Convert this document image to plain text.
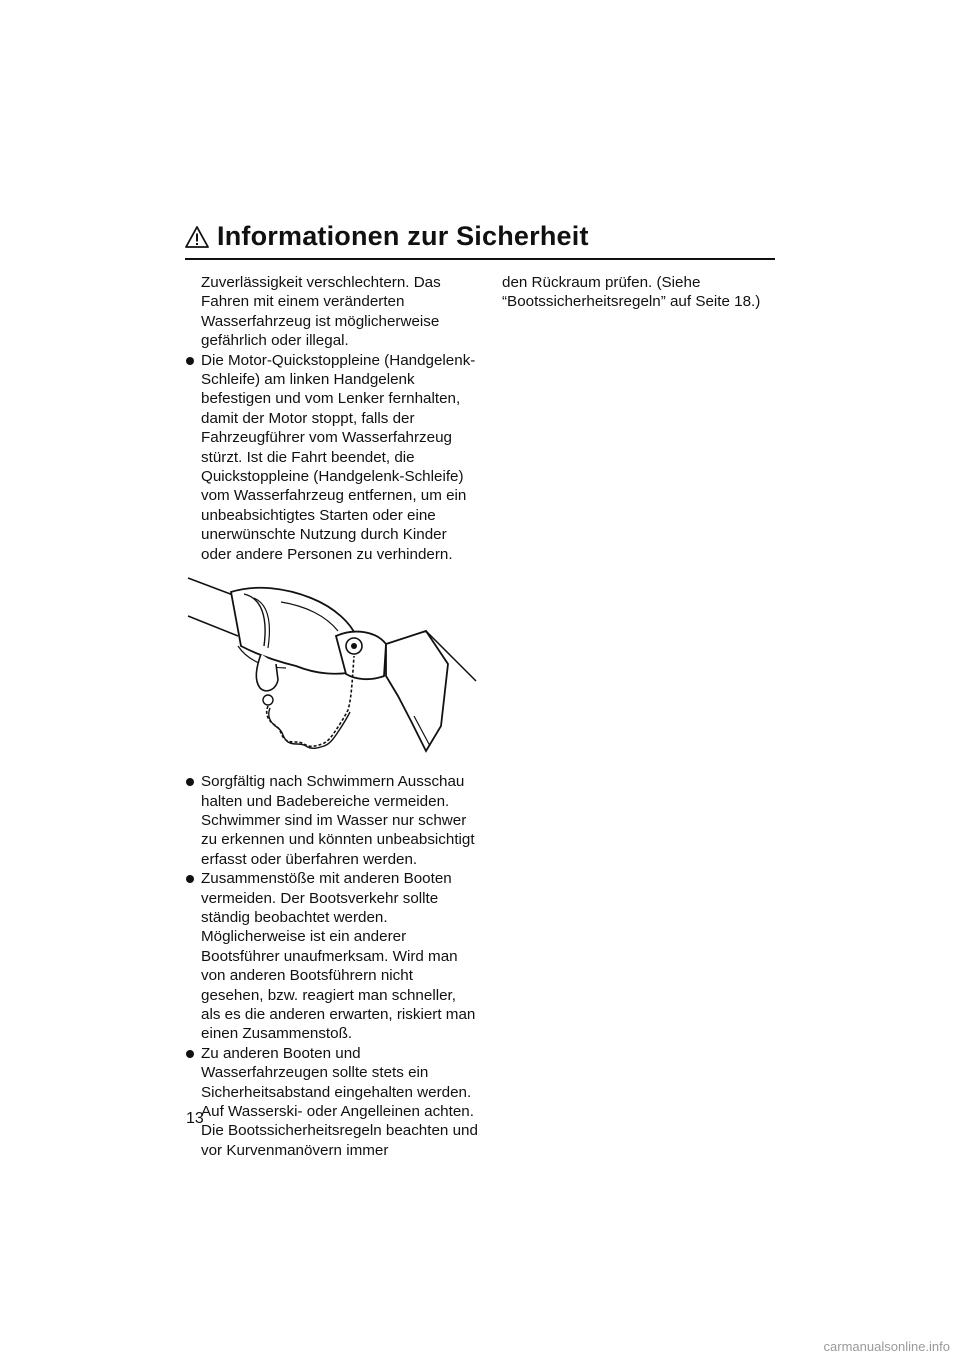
Informationen zur Sicherheit

Zuverlässigkeit verschlechtern. Das Fahren mit einem veränderten Wasserfahrzeug ist möglicherweise gefährlich oder illegal.

Die Motor-Quickstoppleine (Handgelenk-Schleife) am linken Handgelenk befestigen und vom Lenker fernhalten, damit der Motor stoppt, falls der Fahrzeugführer vom Wasserfahrzeug stürzt. Ist die Fahrt beendet, die Quickstoppleine (Handgelenk-Schleife) vom Wasserfahrzeug entfernen, um ein unbeabsichtigtes Starten oder eine unerwünschte Nutzung durch Kinder oder andere Personen zu verhindern.
Sorgfältig nach Schwimmern Ausschau halten und Badebereiche vermeiden. Schwimmer sind im Wasser nur schwer zu erkennen und könnten unbeabsichtigt erfasst oder überfahren werden.
Zusammenstöße mit anderen Booten vermeiden. Der Bootsverkehr sollte ständig beobachtet werden. Möglicherweise ist ein anderer Bootsführer unaufmerksam. Wird man von anderen Bootsführern nicht gesehen, bzw. reagiert man schneller, als es die anderen erwarten, riskiert man einen Zusammenstoß.
Zu anderen Booten und Wasserfahrzeugen sollte stets ein Sicherheitsabstand eingehalten werden. Auf Wasserski- oder Angelleinen achten. Die Bootssicherheitsregeln beachten und vor Kurvenmanövern immer

den Rückraum prüfen. (Siehe “Bootssicherheitsregeln” auf Seite 18.)

13
carmanualsonline.info
